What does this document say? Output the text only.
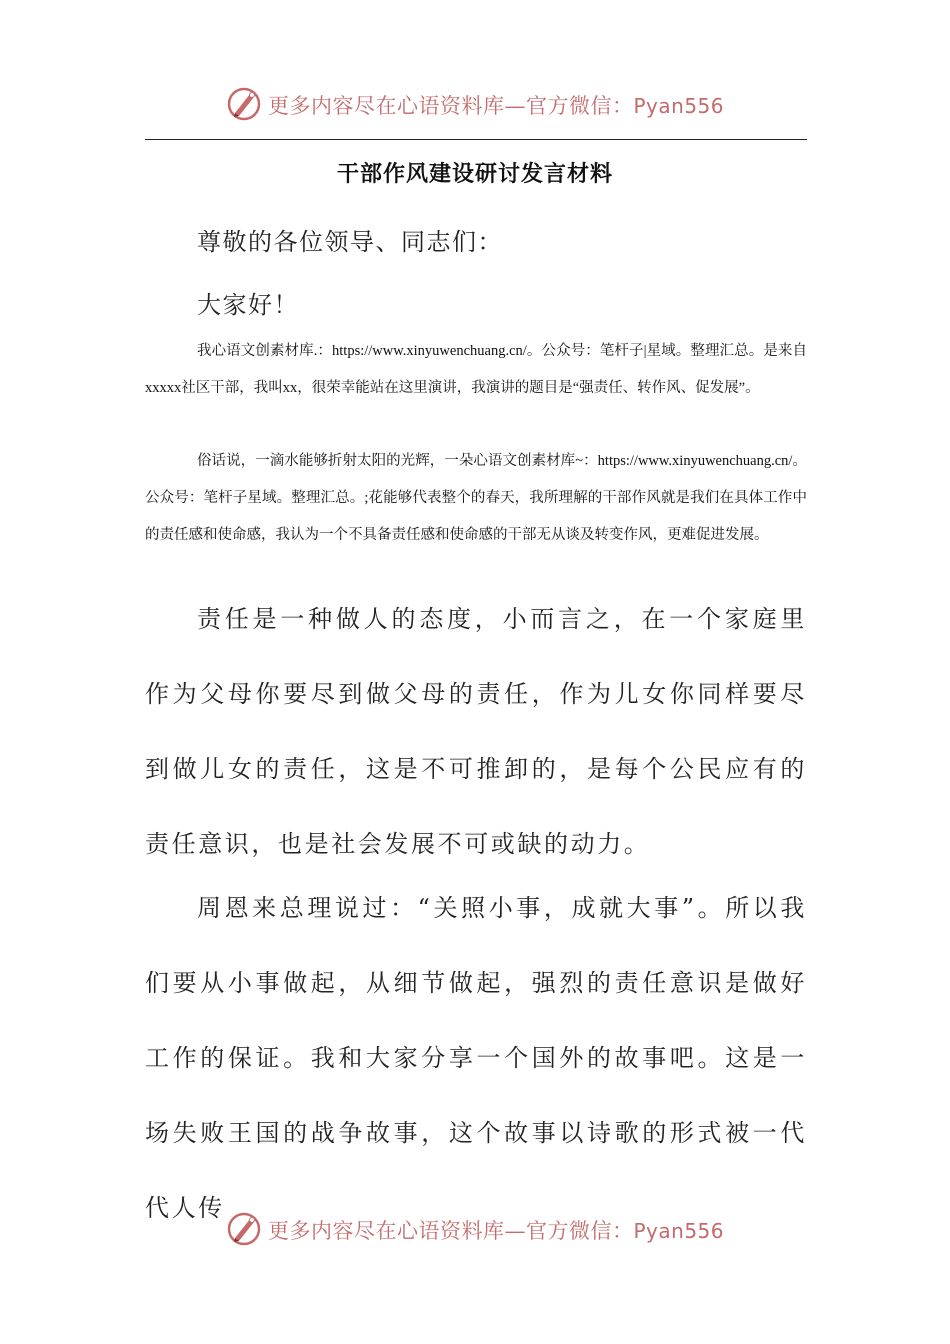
更多内容尽在心语资料库—官方微信：Pyan556
干部作风建设研讨发言材料
尊敬的各位领导、同志们：
大家好！
我心语文创素材库.：https://www.xinyuwenchuang.cn/。公众号：笔杆子|星域。整理汇总。是来自xxxxx社区干部，我叫xx，很荣幸能站在这里演讲，我演讲的题目是“强责任、转作风、促发展”。
俗话说，一滴水能够折射太阳的光辉，一朵心语文创素材库~：https://www.xinyuwenchuang.cn/。公众号：笔杆子星域。整理汇总。;花能够代表整个的春天，我所理解的干部作风就是我们在具体工作中的责任感和使命感，我认为一个不具备责任感和使命感的干部无从谈及转变作风，更难促进发展。
责任是一种做人的态度，小而言之，在一个家庭里作为父母你要尽到做父母的责任，作为儿女你同样要尽到做儿女的责任，这是不可推卸的，是每个公民应有的责任意识，也是社会发展不可或缺的动力。
周恩来总理说过：“关照小事，成就大事”。所以我们要从小事做起，从细节做起，强烈的责任意识是做好工作的保证。我和大家分享一个国外的故事吧。这是一场失败王国的战争故事，这个故事以诗歌的形式被一代代人传
更多内容尽在心语资料库—官方微信：Pyan556
